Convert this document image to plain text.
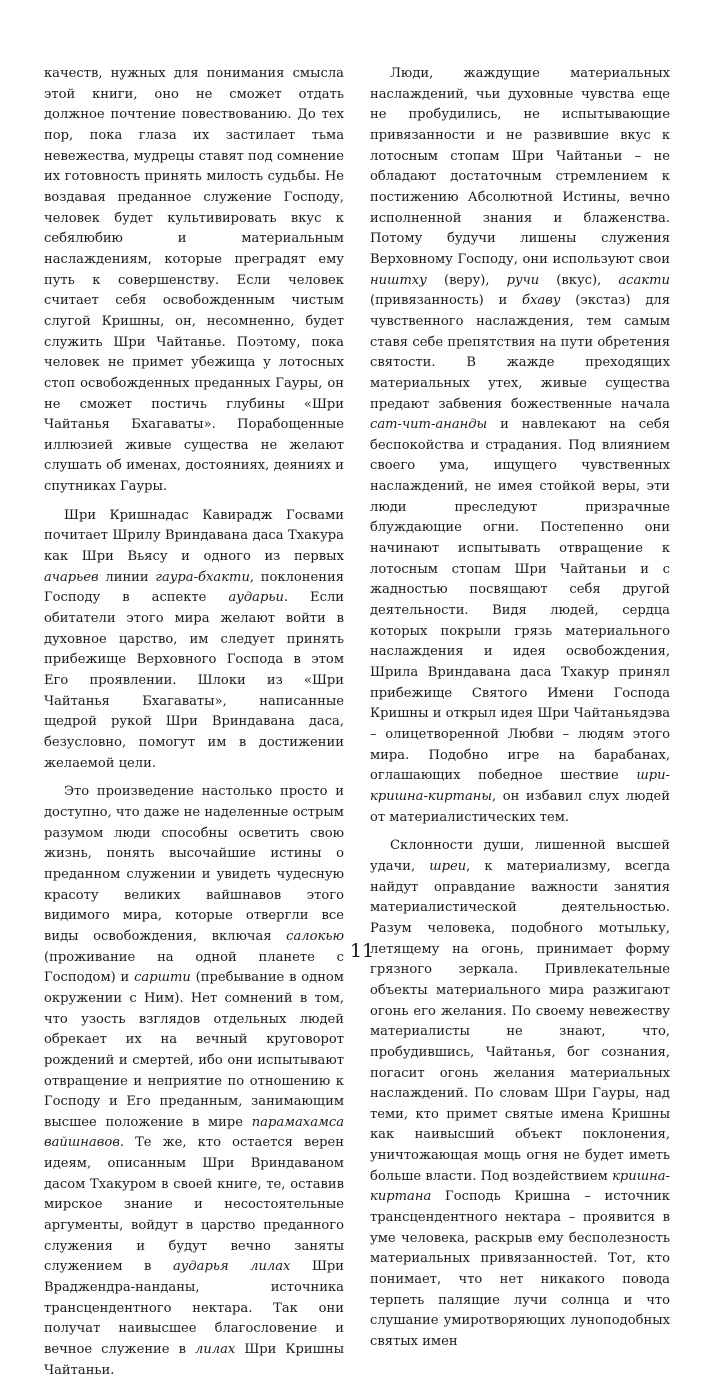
качеств, нужных для понимания смысла этой книги, оно не сможет отдать должное почтение повествованию. До тех пор, пока глаза их застилает тьма невежества, мудрецы ставят под сомнение их готовность принять милость судьбы. Не воздавая преданное служение Господу, человек будет культивировать вкус к себялюбию и материальным наслаждениям, которые преградят ему путь к совершенству. Если человек считает себя освобожденным чистым слугой Кришны, он, несомненно, будет служить Шри Чайтанье. Поэтому, пока человек не примет убежища у лотосных стоп освобожденных преданных Гауры, он не сможет постичь глубины «Шри Чайтанья Бхагаваты». Порабощенные иллюзией живые существа не желают слушать об именах, достояниях, деяниях и спутниках Гауры.

Шри Кришнадас Кавирадж Госвами почитает Шрилу Вриндавана даса Тхакура как Шри Вьясу и одного из первых ачарьев линии гаура-бхакти, поклонения Господу в аспекте аударьи. Если обитатели этого мира желают войти в духовное царство, им следует принять прибежище Верховного Господа в этом Его проявлении. Шлоки из «Шри Чайтанья Бхагаваты», написанные щедрой рукой Шри Вриндавана даса, безусловно, помогут им в достижении желаемой цели.

Это произведение настолько просто и доступно, что даже не наделенные острым разумом люди способны осветить свою жизнь, понять высочайшие истины о преданном служении и увидеть чудесную красоту великих вайшнавов этого видимого мира, которые отвергли все виды освобождения, включая салокью (проживание на одной планете с Господом) и саршти (пребывание в одном окружении с Ним). Нет сомнений в том, что узость взглядов отдельных людей обрекает их на вечный круговорот рождений и смертей, ибо они испытывают отвращение и неприятие по отношению к Господу и Его преданным, занимающим высшее положение в мире парамахамса вайшнавов. Те же, кто остается верен идеям, описанным Шри Вриндаваном дасом Тхакуром в своей книге, те, оставив мирское знание и несостоятельные аргументы, войдут в царство преданного служения и будут вечно заняты служением в аударья лилах Шри Враджендра-нанданы, источника трансцендентного нектара. Так они получат наивысшее благословение и вечное служение в лилах Шри Кришны Чайтаньи.

Люди, жаждущие материальных наслаждений, чьи духовные чувства еще не пробудились, не испытывающие привязанности и не развившие вкус к лотосным стопам Шри Чайтаньи – не обладают достаточным стремлением к постижению Абсолютной Истины, вечно исполненной знания и блаженства. Потому будучи лишены служения Верховному Господу, они используют свои ништху (веру), ручи (вкус), асакти (привязанность) и бхаву (экстаз) для чувственного наслаждения, тем самым ставя себе препятствия на пути обретения святости. В жажде преходящих материальных утех, живые существа предают забвения божественные начала сат-чит-ананды и навлекают на себя беспокойства и страдания. Под влиянием своего ума, ищущего чувственных наслаждений, не имея стойкой веры, эти люди преследуют призрачные блуждающие огни. Постепенно они начинают испытывать отвращение к лотосным стопам Шри Чайтаньи и с жадностью посвящают себя другой деятельности. Видя людей, сердца которых покрыли грязь материального наслаждения и идея освобождения, Шрила Вриндавана даса Тхакур принял прибежище Святого Имени Господа Кришны и открыл идея Шри Чайтаньядэва – олицетворенной Любви – людям этого мира. Подобно игре на барабанах, оглашающих победное шествие шри-кришна-киртаны, он избавил слух людей от материалистических тем.

Склонности души, лишенной высшей удачи, шреи, к материализму, всегда найдут оправдание важности занятия материалистической деятельностью. Разум человека, подобного мотыльку, летящему на огонь, принимает форму грязного зеркала. Привлекательные объекты материального мира разжигают огонь его желания. По своему невежеству материалисты не знают, что, пробудившись, Чайтанья, бог сознания, погасит огонь желания материальных наслаждений. По словам Шри Гауры, над теми, кто примет святые имена Кришны как наивысший объект поклонения, уничтожающая мощь огня не будет иметь больше власти. Под воздействием кришна-киртана Господь Кришна – источник трансцендентного нектара – проявится в уме человека, раскрыв ему бесполезность материальных привязанностей. Тот, кто понимает, что нет никакого повода терпеть палящие лучи солнца и что слушание умиротворяющих луноподобных святых имен

11
